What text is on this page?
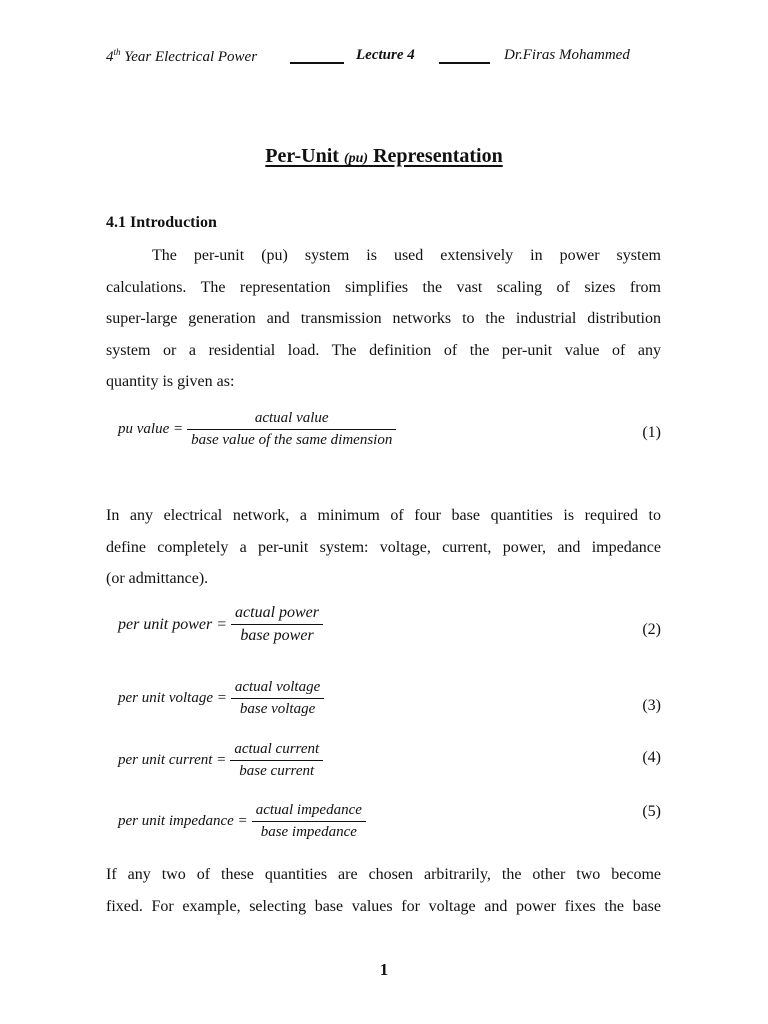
4th Year Electrical Power	Lecture 4	Dr.Firas Mohammed
Per-Unit (pu) Representation
4.1 Introduction
The per-unit (pu) system is used extensively in power system
calculations. The representation simplifies the vast scaling of sizes from
super-large generation and transmission networks to the industrial distribution
system or a residential load. The definition of the per-unit value of any
quantity is given as:
pu value = $\frac{\text{actual value}}{\text{base value of the same dimension}}$	(1)
In any electrical network, a minimum of four base quantities is required to
define completely a per-unit system: voltage, current, power, and impedance
(or admittance).
per unit power = $\frac{\text{actual power}}{\text{base power}}$	(2)
per unit voltage = $\frac{\text{actual voltage}}{\text{base voltage}}$	(3)
per unit current = $\frac{\text{actual current}}{\text{base current}}$	(4)
per unit impedance = $\frac{\text{actual impedance}}{\text{base impedance}}$	(5)
If any two of these quantities are chosen arbitrarily, the other two become
fixed. For example, selecting base values for voltage and power fixes the base
1
